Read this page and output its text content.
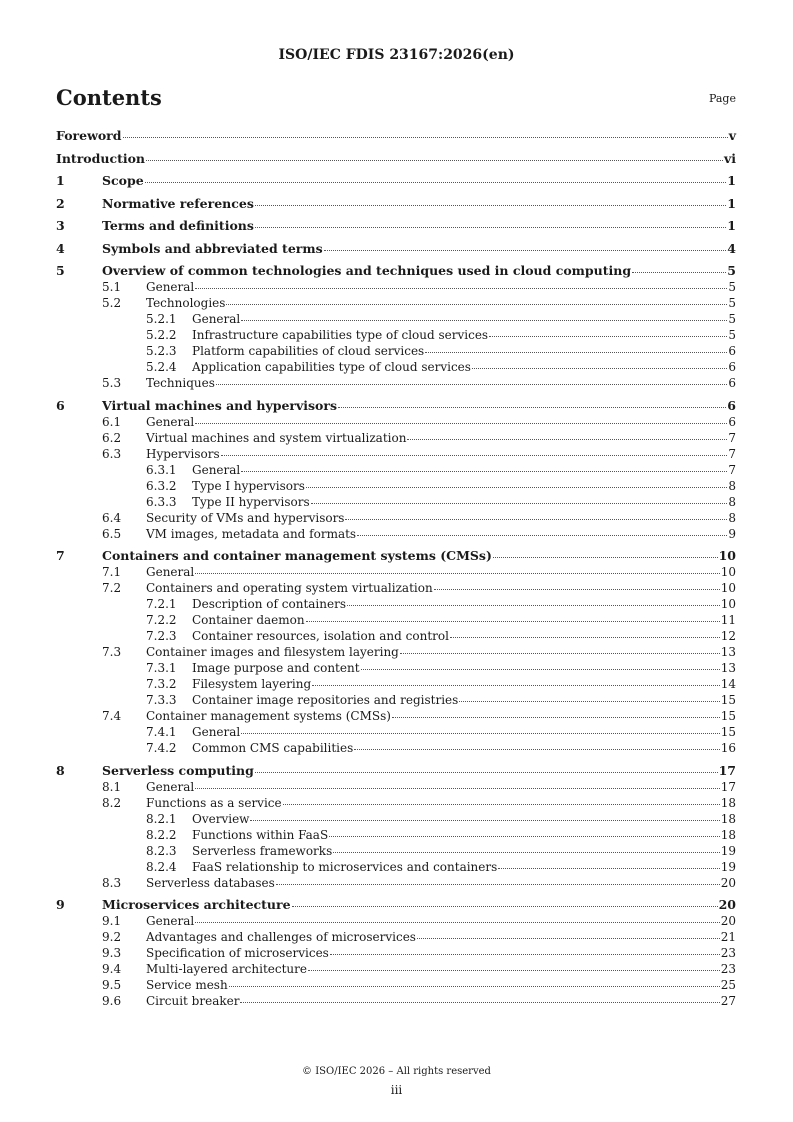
ISO/IEC FDIS 23167:2026(en)
Contents	Page
Foreword	v
Introduction	vi
1	Scope	1
2	Normative references	1
3	Terms and definitions	1
4	Symbols and abbreviated terms	4
5	Overview of common technologies and techniques used in cloud computing	5
5.1	General	5
5.2	Technologies	5
5.2.1	General	5
5.2.2	Infrastructure capabilities type of cloud services	5
5.2.3	Platform capabilities of cloud services	6
5.2.4	Application capabilities type of cloud services	6
5.3	Techniques	6
6	Virtual machines and hypervisors	6
6.1	General	6
6.2	Virtual machines and system virtualization	7
6.3	Hypervisors	7
6.3.1	General	7
6.3.2	Type I hypervisors	8
6.3.3	Type II hypervisors	8
6.4	Security of VMs and hypervisors	8
6.5	VM images, metadata and formats	9
7	Containers and container management systems (CMSs)	10
7.1	General	10
7.2	Containers and operating system virtualization	10
7.2.1	Description of containers	10
7.2.2	Container daemon	11
7.2.3	Container resources, isolation and control	12
7.3	Container images and filesystem layering	13
7.3.1	Image purpose and content	13
7.3.2	Filesystem layering	14
7.3.3	Container image repositories and registries	15
7.4	Container management systems (CMSs)	15
7.4.1	General	15
7.4.2	Common CMS capabilities	16
8	Serverless computing	17
8.1	General	17
8.2	Functions as a service	18
8.2.1	Overview	18
8.2.2	Functions within FaaS	18
8.2.3	Serverless frameworks	19
8.2.4	FaaS relationship to microservices and containers	19
8.3	Serverless databases	20
9	Microservices architecture	20
9.1	General	20
9.2	Advantages and challenges of microservices	21
9.3	Specification of microservices	23
9.4	Multi-layered architecture	23
9.5	Service mesh	25
9.6	Circuit breaker	27
© ISO/IEC 2026 – All rights reserved
iii
